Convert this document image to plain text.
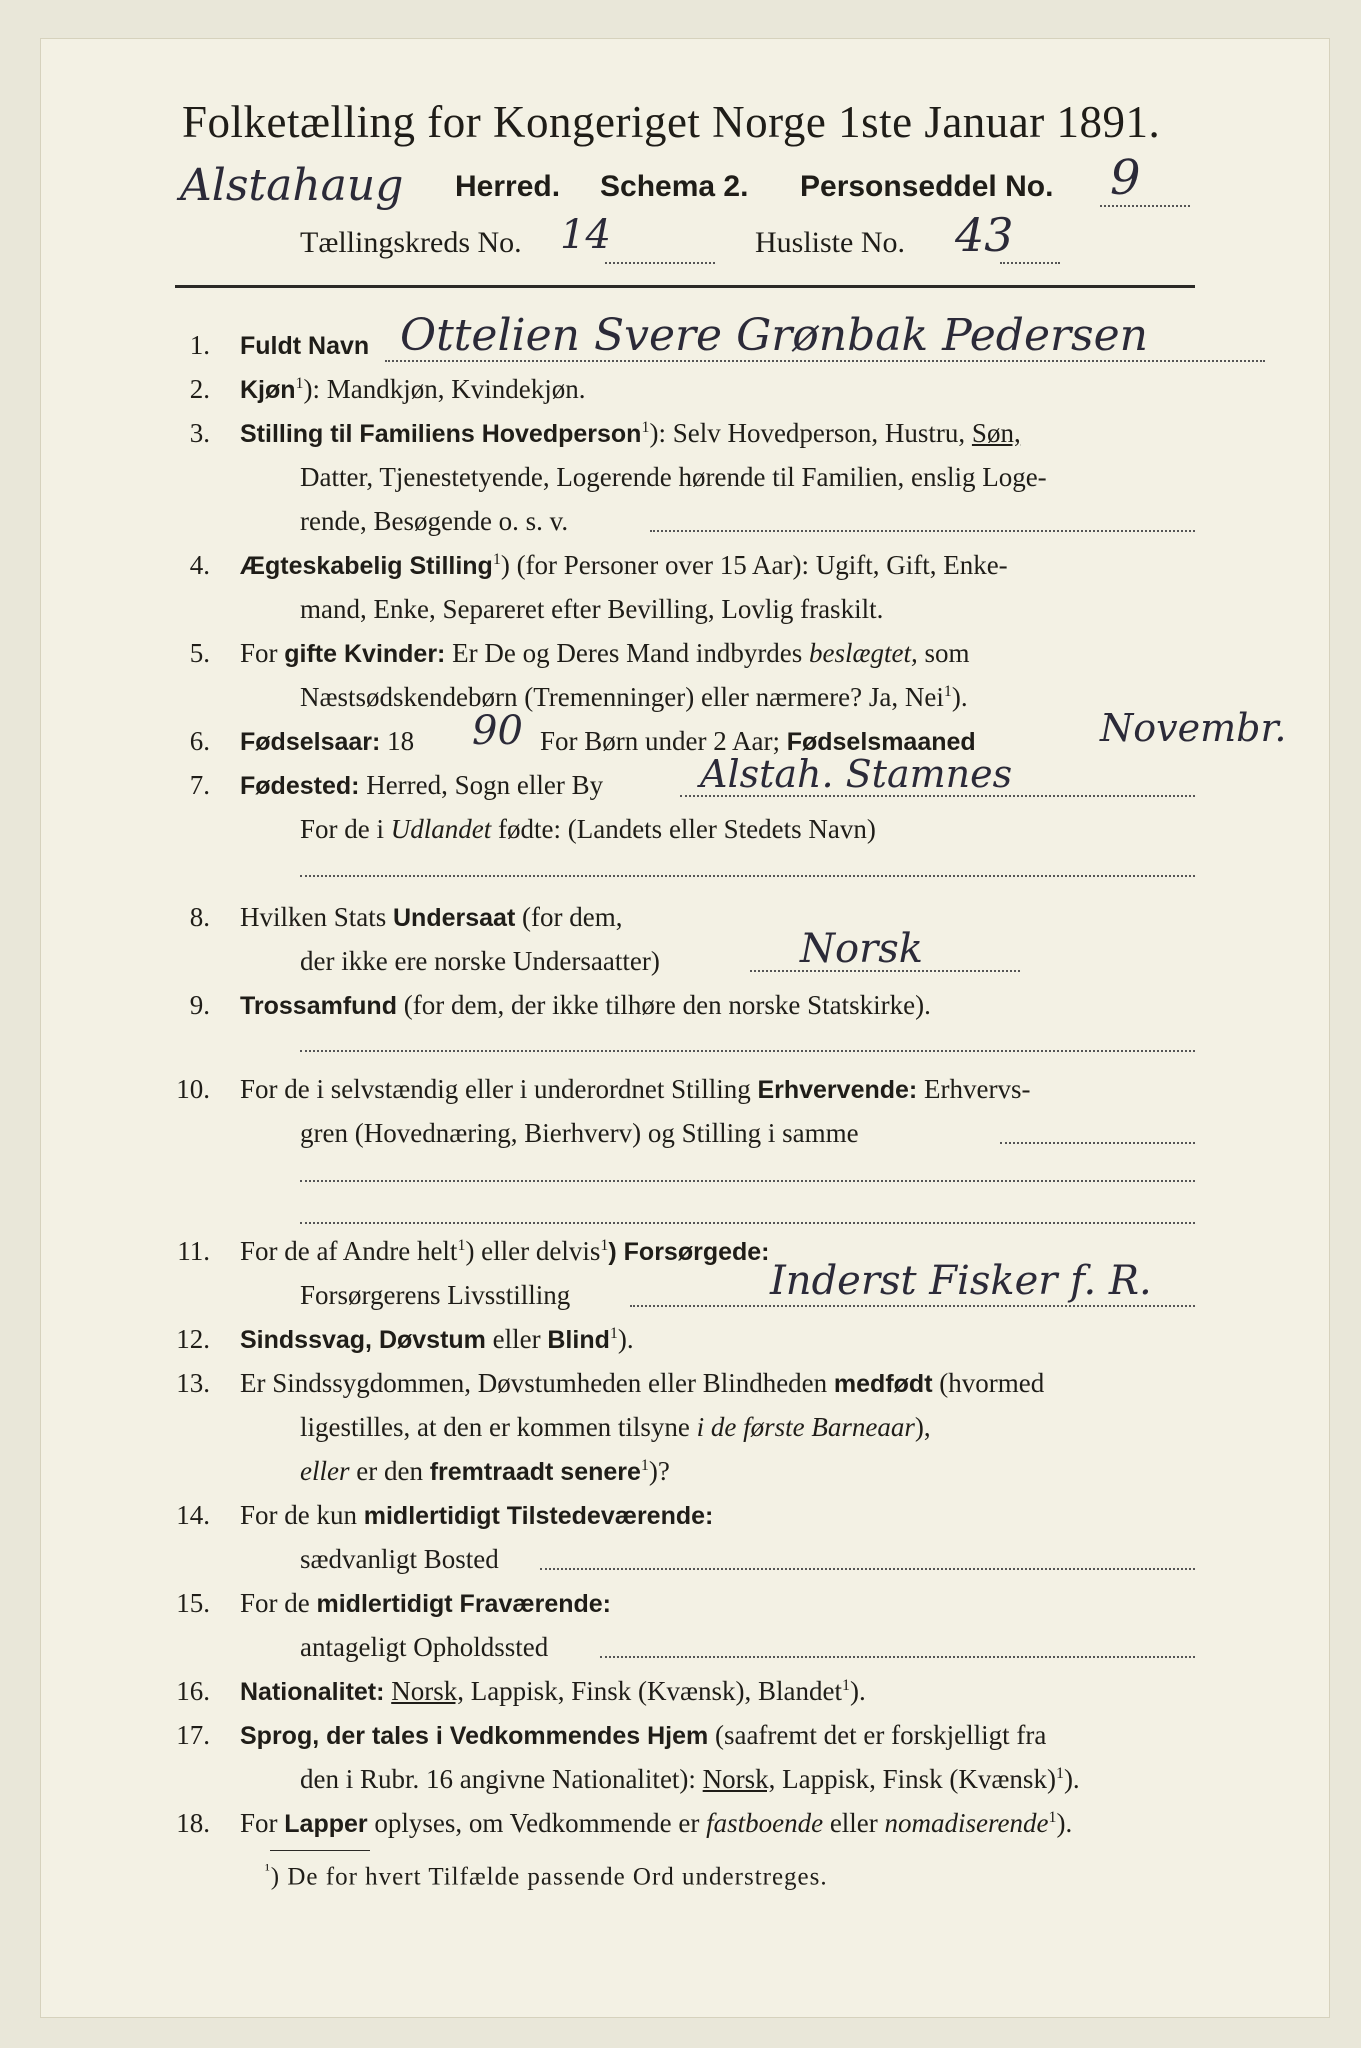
Folketælling for Kongeriget Norge 1ste Januar 1891.
Alstahaug Herred. Schema 2. Personseddel No. 9
Tællingskreds No. 14	Husliste No. 43
1. Fuldt Navn Ottelien Svere Grønbak Pedersen
2. Kjøn$^1$): Mandkjøn, Kvindekjøn.
3. Stilling til Familiens Hovedperson$^1$): Selv Hovedperson, Hustru, Søn,
Datter, Tjenestetyende, Logerende hørende til Familien, enslig Loge-
rende, Besøgende o. s. v.
4. Ægteskabelig Stilling$^1$) (for Personer over 15 Aar): Ugift, Gift, Enke-
mand, Enke, Separeret efter Bevilling, Lovlig fraskilt.
5. For gifte Kvinder: Er De og Deres Mand indbyrdes beslægtet, som
Næstsødskendebørn (Tremenninger) eller nærmere? Ja, Nei$^1$).
6. Fødselsaar: 18 90 For Børn under 2 Aar; Fødselsmaaned	Novembr.
7. Fødested: Herred, Sogn eller By	Alstah. Stamnes
For de i Udlandet fødte: (Landets eller Stedets Navn)
8. Hvilken Stats Undersaat (for dem,
der ikke ere norske Undersaatter)	Norsk
9. Trossamfund (for dem, der ikke tilhøre den norske Statskirke).
10. For de i selvstændig eller i underordnet Stilling Erhvervende: Erhvervs-
gren (Hovednæring, Bierhverv) og Stilling i samme
11. For de af Andre helt$^1$) eller delvis$^1$) Forsørgede:
Forsørgerens Livsstilling	Inderst Fisker f. R.
12. Sindssvag, Døvstum eller Blind$^1$).
13. Er Sindssygdommen, Døvstumheden eller Blindheden medfødt (hvormed
ligestilles, at den er kommen tilsyne i de første Barneaar),
eller er den fremtraadt senere$^1$)?
14. For de kun midlertidigt Tilstedeværende:
sædvanligt Bosted
15. For de midlertidigt Fraværende:
antageligt Opholdssted
16. Nationalitet: Norsk, Lappisk, Finsk (Kvænsk), Blandet$^1$).
17. Sprog, der tales i Vedkommendes Hjem (saafremt det er forskjelligt fra
den i Rubr. 16 angivne Nationalitet): Norsk, Lappisk, Finsk (Kvænsk)$^1$).
18. For Lapper oplyses, om Vedkommende er fastboende eller nomadiserende$^1$).
$^{^1}$) De for hvert Tilfælde passende Ord understreges.
